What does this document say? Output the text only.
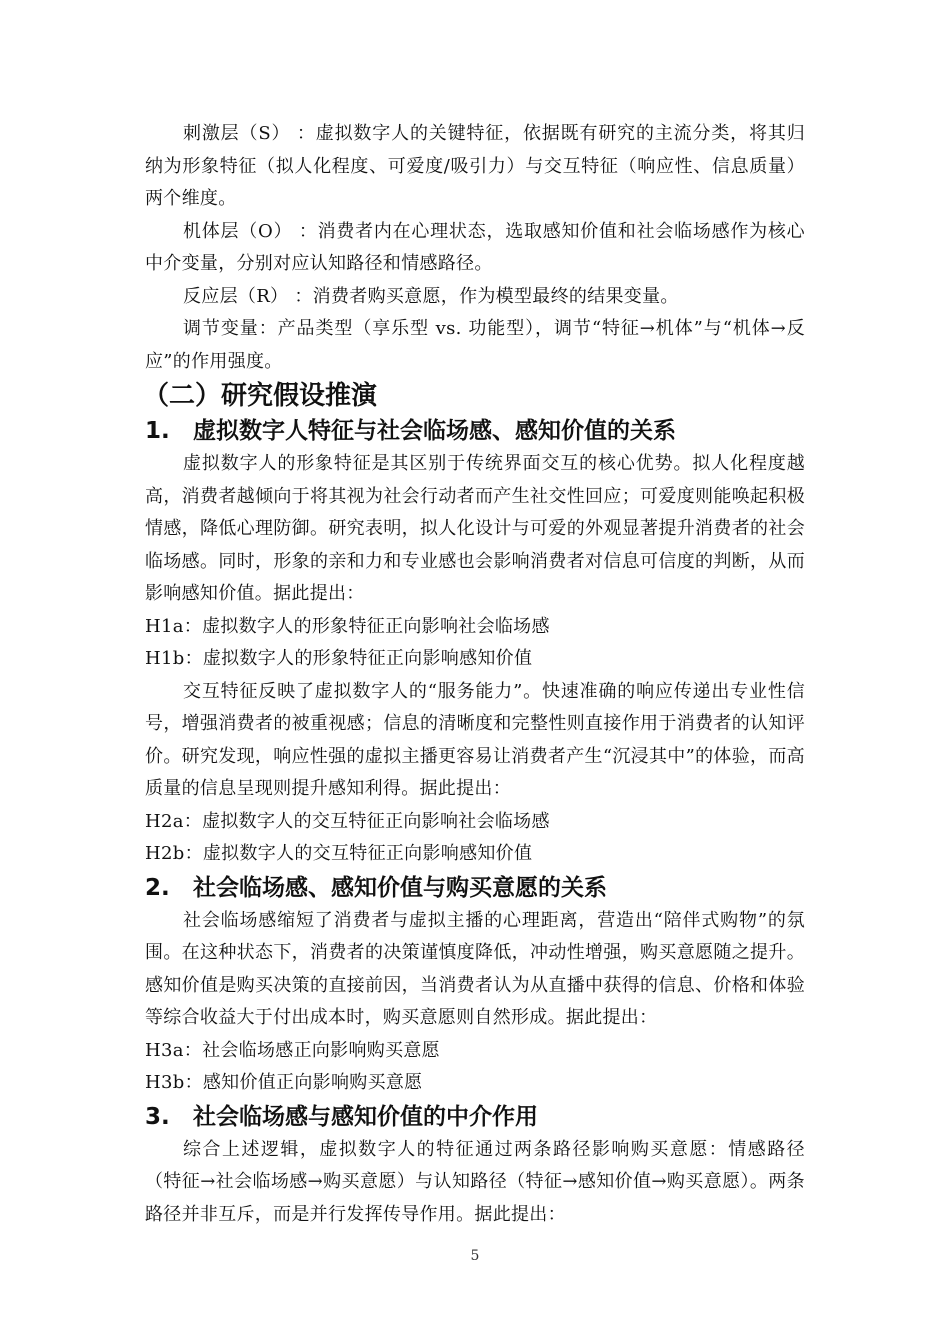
刺激层（S） ：虚拟数字人的关键特征，依据既有研究的主流分类，将其归纳为形象特征（拟人化程度、可爱度/吸引力）与交互特征（响应性、信息质量）两个维度。

机体层（O） ：消费者内在心理状态，选取感知价值和社会临场感作为核心中介变量，分别对应认知路径和情感路径。

反应层（R） ：消费者购买意愿，作为模型最终的结果变量。

调节变量：产品类型（享乐型 vs. 功能型），调节“特征→机体”与“机体→反应”的作用强度。

（二）研究假设推演
1. 虚拟数字人特征与社会临场感、感知价值的关系

虚拟数字人的形象特征是其区别于传统界面交互的核心优势。拟人化程度越高，消费者越倾向于将其视为社会行动者而产生社交性回应；可爱度则能唤起积极情感，降低心理防御。研究表明，拟人化设计与可爱的外观显著提升消费者的社会临场感。同时，形象的亲和力和专业感也会影响消费者对信息可信度的判断，从而影响感知价值。据此提出：

H1a：虚拟数字人的形象特征正向影响社会临场感

H1b：虚拟数字人的形象特征正向影响感知价值

交互特征反映了虚拟数字人的“服务能力”。快速准确的响应传递出专业性信号，增强消费者的被重视感；信息的清晰度和完整性则直接作用于消费者的认知评价。研究发现，响应性强的虚拟主播更容易让消费者产生“沉浸其中”的体验，而高质量的信息呈现则提升感知利得。据此提出：

H2a：虚拟数字人的交互特征正向影响社会临场感

H2b：虚拟数字人的交互特征正向影响感知价值

2. 社会临场感、感知价值与购买意愿的关系

社会临场感缩短了消费者与虚拟主播的心理距离，营造出“陪伴式购物”的氛围。在这种状态下，消费者的决策谨慎度降低，冲动性增强，购买意愿随之提升。感知价值是购买决策的直接前因，当消费者认为从直播中获得的信息、价格和体验等综合收益大于付出成本时，购买意愿则自然形成。据此提出：

H3a：社会临场感正向影响购买意愿

H3b：感知价值正向影响购买意愿

3. 社会临场感与感知价值的中介作用

综合上述逻辑，虚拟数字人的特征通过两条路径影响购买意愿：情感路径（特征→社会临场感→购买意愿）与认知路径（特征→感知价值→购买意愿）。两条路径并非互斥，而是并行发挥传导作用。据此提出：

5
